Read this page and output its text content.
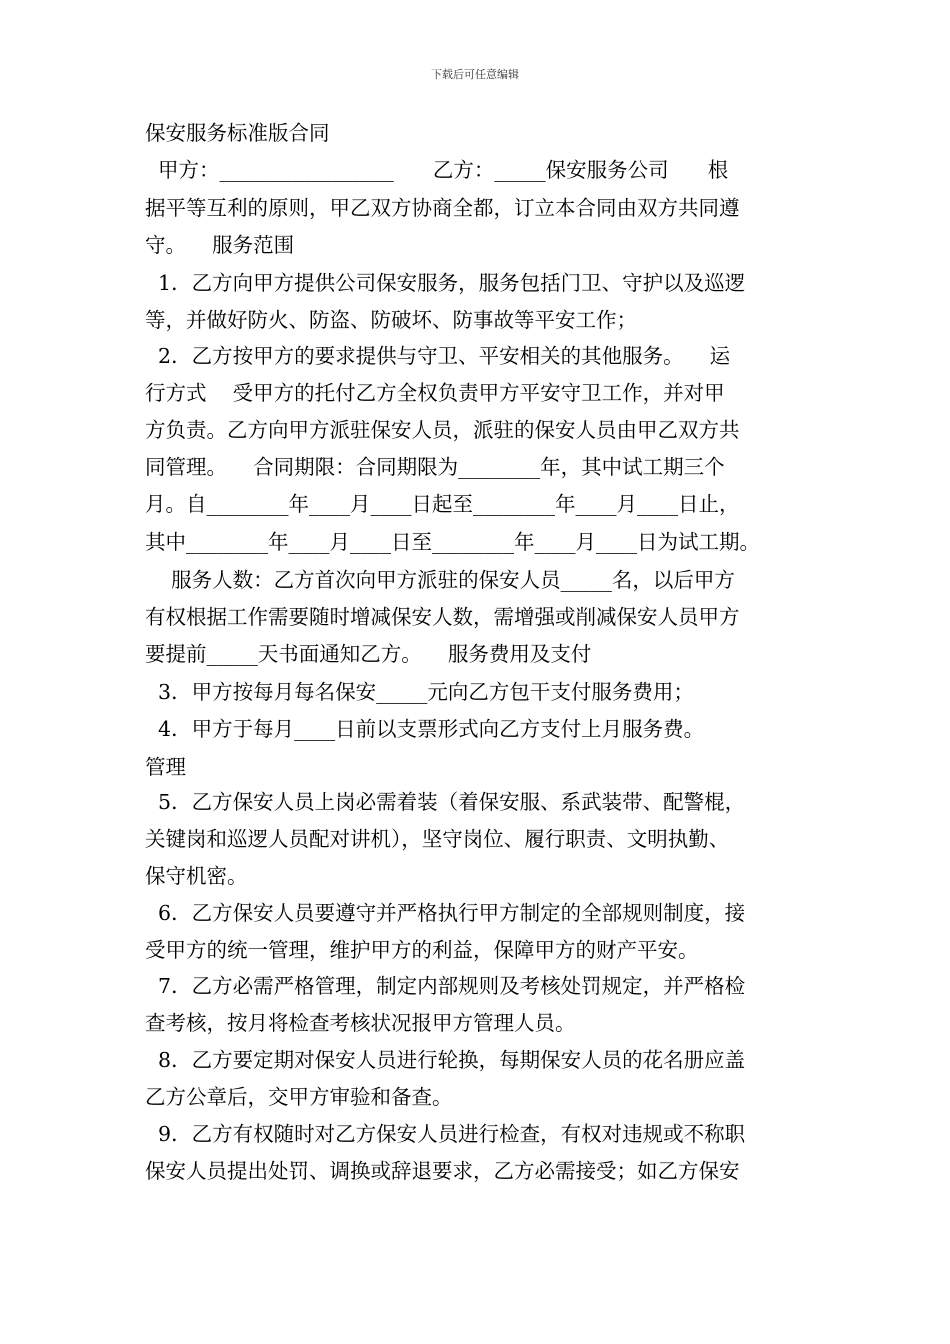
下载后可任意编辑
保安服务标准版合同
甲方：_________________      乙方：_____保安服务公司      根
据平等互利的原则，甲乙双方协商全都，订立本合同由双方共同遵
守。    服务范围
1．乙方向甲方提供公司保安服务，服务包括门卫、守护以及巡逻
等，并做好防火、防盗、防破坏、防事故等平安工作；
2．乙方按甲方的要求提供与守卫、平安相关的其他服务。    运
行方式    受甲方的托付乙方全权负责甲方平安守卫工作，并对甲
方负责。乙方向甲方派驻保安人员，派驻的保安人员由甲乙双方共
同管理。    合同期限：合同期限为________年，其中试工期三个
月。自________年____月____日起至________年____月____日止，
其中________年____月____日至________年____月____日为试工期。
服务人数：乙方首次向甲方派驻的保安人员_____名，以后甲方
有权根据工作需要随时增减保安人数，需增强或削减保安人员甲方
要提前_____天书面通知乙方。    服务费用及支付
3．甲方按每月每名保安_____元向乙方包干支付服务费用；
4．甲方于每月____日前以支票形式向乙方支付上月服务费。
管理
5．乙方保安人员上岗必需着装（着保安服、系武装带、配警棍，
关键岗和巡逻人员配对讲机），坚守岗位、履行职责、文明执勤、
保守机密。
6．乙方保安人员要遵守并严格执行甲方制定的全部规则制度，接
受甲方的统一管理，维护甲方的利益，保障甲方的财产平安。
7．乙方必需严格管理，制定内部规则及考核处罚规定，并严格检
查考核，按月将检查考核状况报甲方管理人员。
8．乙方要定期对保安人员进行轮换，每期保安人员的花名册应盖
乙方公章后，交甲方审验和备查。
9．乙方有权随时对乙方保安人员进行检查，有权对违规或不称职
保安人员提出处罚、调换或辞退要求，乙方必需接受；如乙方保安
